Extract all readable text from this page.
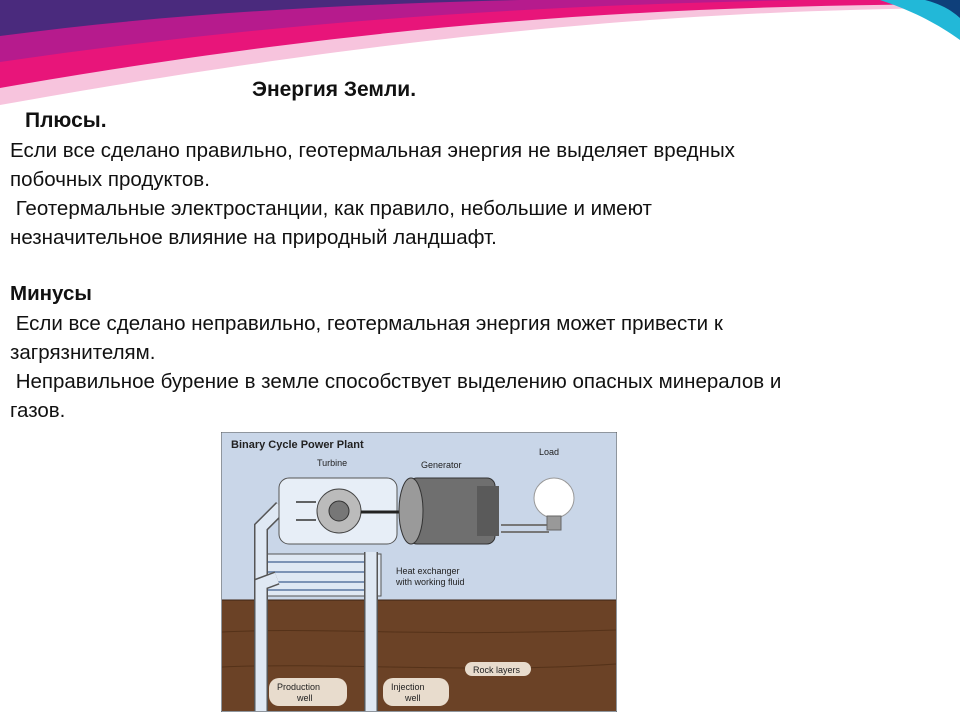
Энергия Земли.
Плюсы.
Если все сделано правильно, геотермальная энергия не выделяет вредных
побочных продуктов.
Геотермальные электростанции, как правило, небольшие и имеют
незначительное влияние на природный ландшафт.
Минусы
Если все сделано неправильно, геотермальная энергия может привести к
загрязнителям.
Неправильное бурение в земле способствует выделению опасных минералов и
газов.
Binary Cycle Power Plant
Turbine	Generator
Load
Heat exchanger
with working fluid
Rock layers
Production
well
Injection
well
